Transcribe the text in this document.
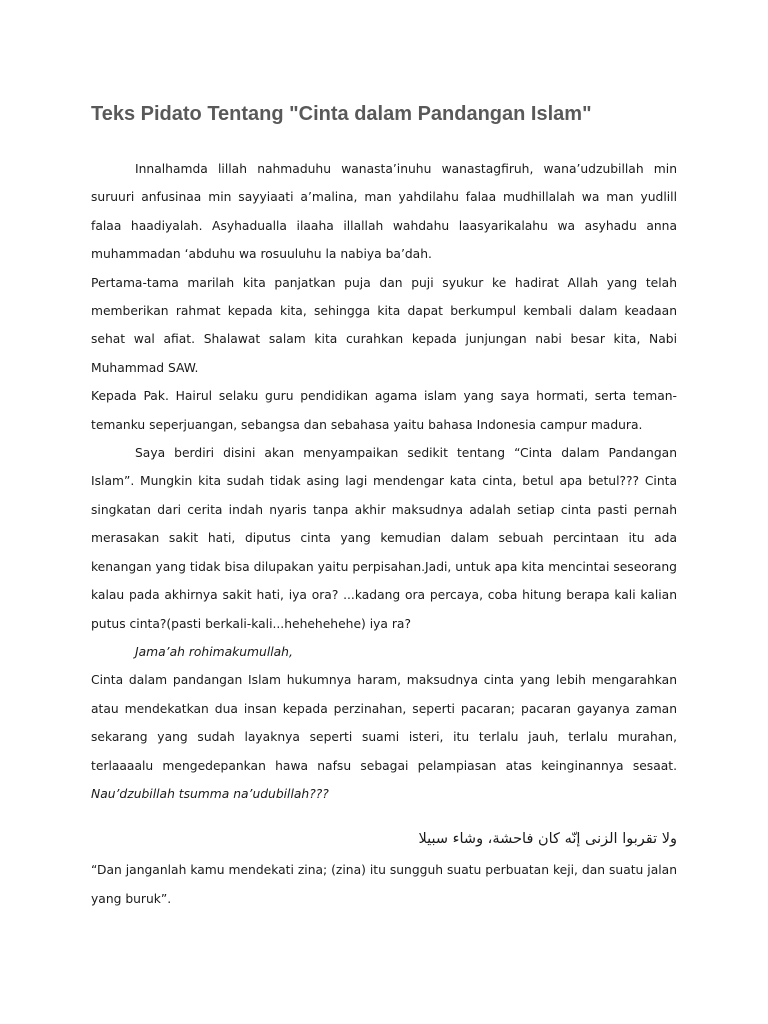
Teks Pidato Tentang "Cinta dalam Pandangan Islam"

Innalhamda lillah nahmaduhu wanasta’inuhu wanastagfiruh, wana’udzubillah min suruuri anfusinaa min sayyiaati a’malina, man yahdilahu falaa mudhillalah wa man yudlill falaa haadiyalah. Asyhadualla ilaaha illallah wahdahu laasyarikalahu wa asyhadu anna muhammadan ‘abduhu wa rosuuluhu la nabiya ba’dah.

Pertama-tama marilah kita panjatkan puja dan puji syukur ke hadirat Allah yang telah memberikan rahmat kepada kita, sehingga kita dapat berkumpul kembali dalam keadaan sehat wal afiat. Shalawat salam kita curahkan kepada junjungan nabi besar kita, Nabi Muhammad SAW.

Kepada Pak. Hairul selaku guru pendidikan agama islam yang saya hormati, serta teman-temanku seperjuangan, sebangsa dan sebahasa yaitu bahasa Indonesia campur madura.

Saya berdiri disini akan menyampaikan sedikit tentang “Cinta dalam Pandangan Islam”. Mungkin kita sudah tidak asing lagi mendengar kata cinta, betul apa betul??? Cinta singkatan dari cerita indah nyaris tanpa akhir maksudnya adalah setiap cinta pasti pernah merasakan sakit hati, diputus cinta yang kemudian dalam sebuah percintaan itu ada kenangan yang tidak bisa dilupakan yaitu perpisahan.Jadi, untuk apa kita mencintai seseorang kalau pada akhirnya sakit hati, iya ora? ...kadang ora percaya, coba hitung berapa kali kalian putus cinta?(pasti berkali-kali...hehehehehe) iya ra?

Jama’ah rohimakumullah,

Cinta dalam pandangan Islam hukumnya haram, maksudnya cinta yang lebih mengarahkan atau mendekatkan dua insan kepada perzinahan, seperti pacaran; pacaran gayanya zaman sekarang yang sudah layaknya seperti suami isteri, itu terlalu jauh, terlalu murahan, terlaaaalu mengedepankan hawa nafsu sebagai pelampiasan atas keinginannya sesaat. Nau’dzubillah tsumma na’udubillah???

ولا تقربوا الزنى إنّه كان فاحشة، وشاء سبيلا

“Dan janganlah kamu mendekati zina; (zina) itu sungguh suatu perbuatan keji, dan suatu jalan yang buruk”.
